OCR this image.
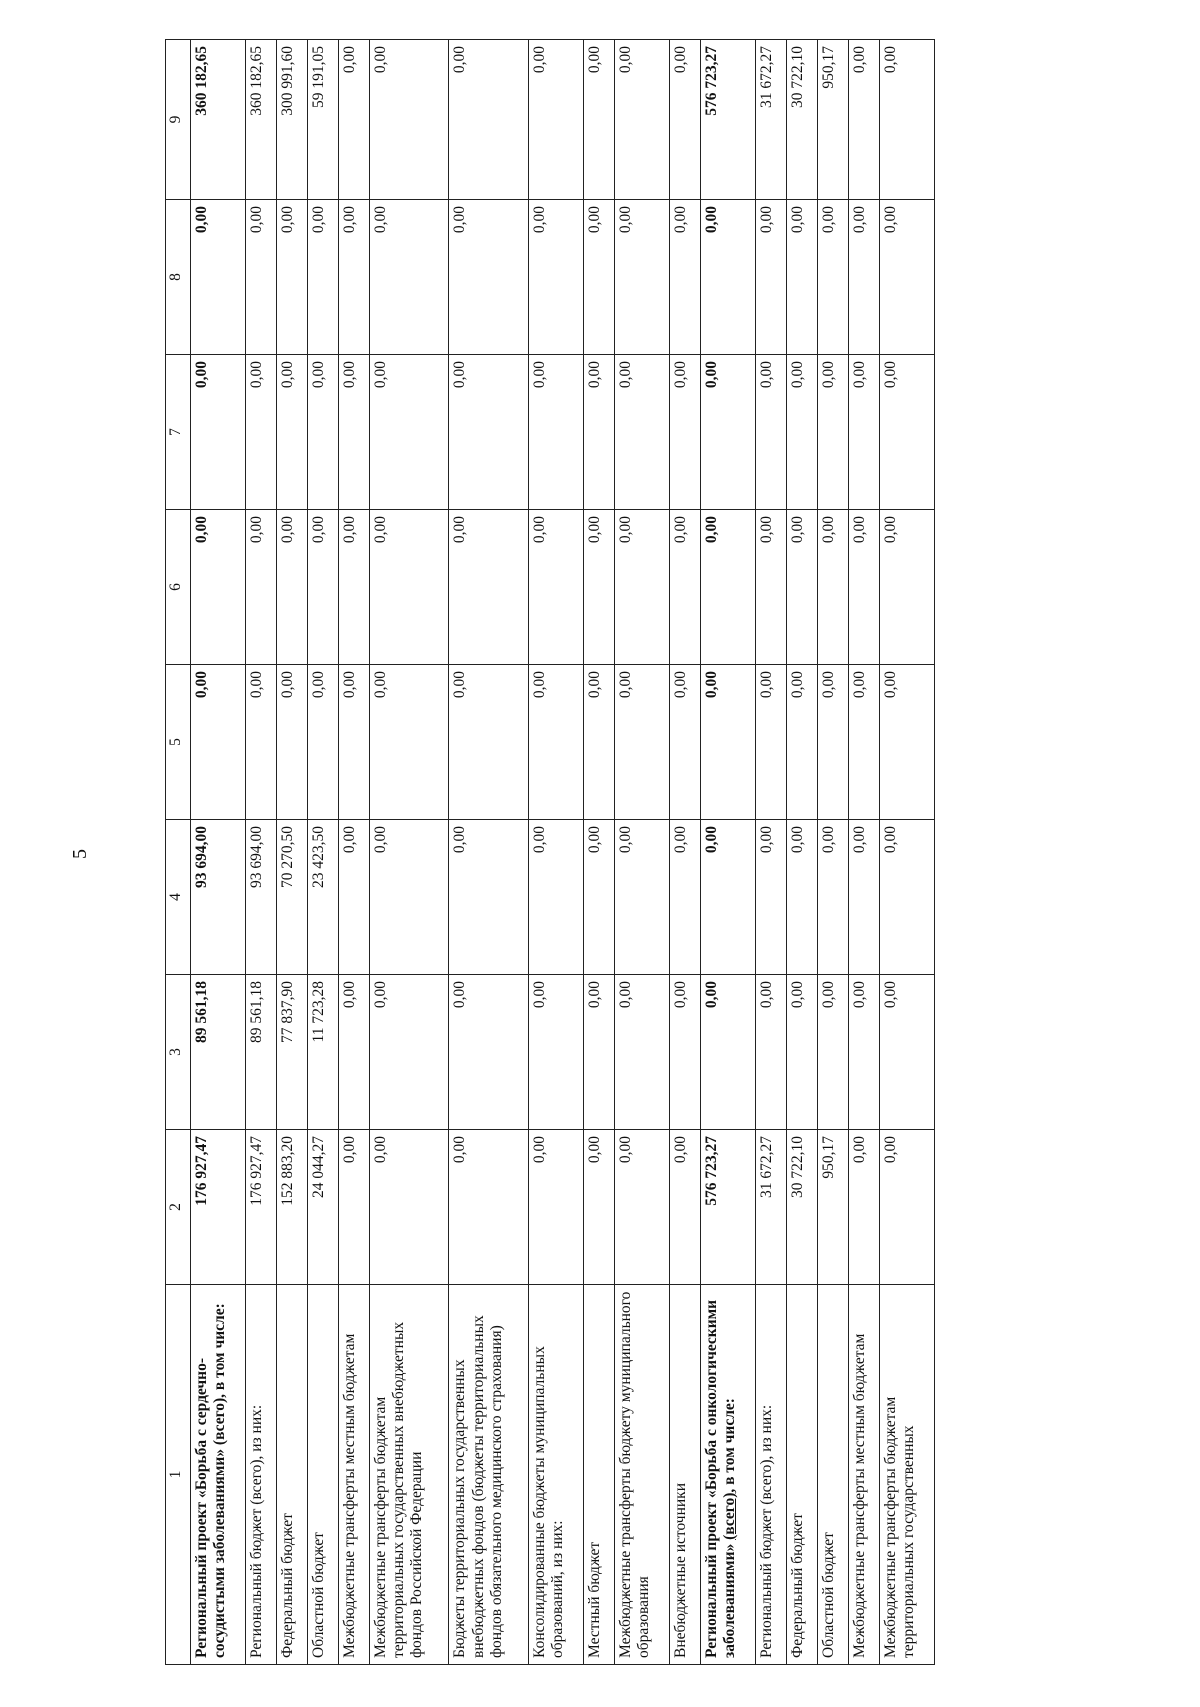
5
1	2	3	4	5	6	7	8	9
Региональный проект «Борьба с сердечно-сосудистыми заболеваниями» (всего), в том числе:	176 927,47	89 561,18	93 694,00	0,00	0,00	0,00	0,00	360 182,65
Региональный бюджет (всего), из них:	176 927,47	89 561,18	93 694,00	0,00	0,00	0,00	0,00	360 182,65
Федеральный бюджет	152 883,20	77 837,90	70 270,50	0,00	0,00	0,00	0,00	300 991,60
Областной бюджет	24 044,27	11 723,28	23 423,50	0,00	0,00	0,00	0,00	59 191,05
Межбюджетные трансферты местным бюджетам	0,00	0,00	0,00	0,00	0,00	0,00	0,00	0,00
Межбюджетные трансферты бюджетам территориальных государственных внебюджетных фондов Российской Федерации	0,00	0,00	0,00	0,00	0,00	0,00	0,00	0,00
Бюджеты территориальных государственных внебюджетных фондов (бюджеты территориальных фондов обязательного медицинского страхования)	0,00	0,00	0,00	0,00	0,00	0,00	0,00	0,00
Консолидированные бюджеты муниципальных образований, из них:	0,00	0,00	0,00	0,00	0,00	0,00	0,00	0,00
Местный бюджет	0,00	0,00	0,00	0,00	0,00	0,00	0,00	0,00
Межбюджетные трансферты бюджету муниципального образования	0,00	0,00	0,00	0,00	0,00	0,00	0,00	0,00
Внебюджетные источники	0,00	0,00	0,00	0,00	0,00	0,00	0,00	0,00
Региональный проект «Борьба с онкологическими заболеваниями» (всего), в том числе:	576 723,27	0,00	0,00	0,00	0,00	0,00	0,00	576 723,27
Региональный бюджет (всего), из них:	31 672,27	0,00	0,00	0,00	0,00	0,00	0,00	31 672,27
Федеральный бюджет	30 722,10	0,00	0,00	0,00	0,00	0,00	0,00	30 722,10
Областной бюджет	950,17	0,00	0,00	0,00	0,00	0,00	0,00	950,17
Межбюджетные трансферты местным бюджетам	0,00	0,00	0,00	0,00	0,00	0,00	0,00	0,00
Межбюджетные трансферты бюджетам территориальных государственных	0,00	0,00	0,00	0,00	0,00	0,00	0,00	0,00
